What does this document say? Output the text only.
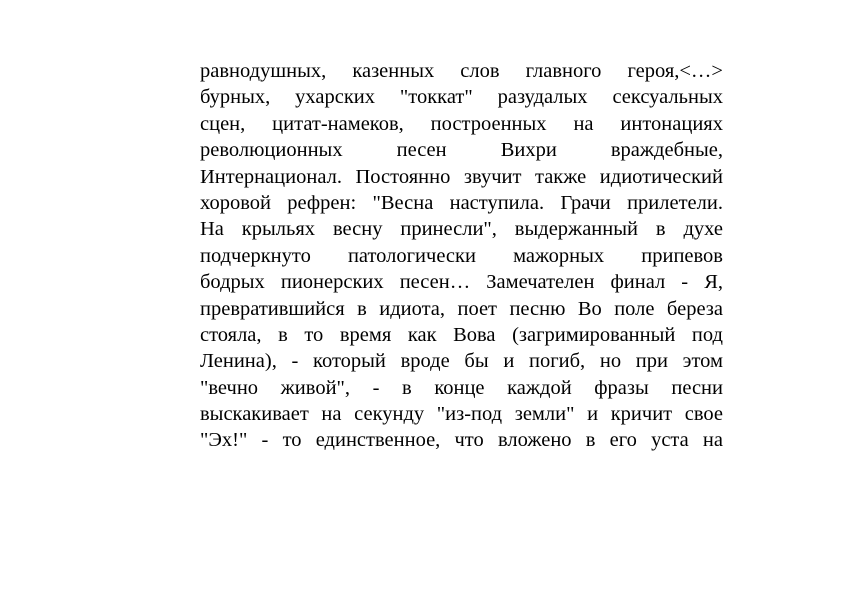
равнодушных, казенных слов главного героя,<…>
бурных, ухарских "токкат" разудалых сексуальных
сцен, цитат-намеков, построенных на интонациях
революционных песен Вихри враждебные,
Интернационал. Постоянно звучит также идиотический
хоровой рефрен: "Весна наступила. Грачи прилетели.
На крыльях весну принесли", выдержанный в духе
подчеркнуто патологически мажорных припевов
бодрых пионерских песен… Замечателен финал - Я,
превратившийся в идиота, поет песню Во поле береза
стояла, в то время как Вова (загримированный под
Ленина), - который вроде бы и погиб, но при этом
"вечно живой", - в конце каждой фразы песни
выскакивает на секунду "из-под земли" и кричит свое
"Эх!" - то единственное, что вложено в его уста на
